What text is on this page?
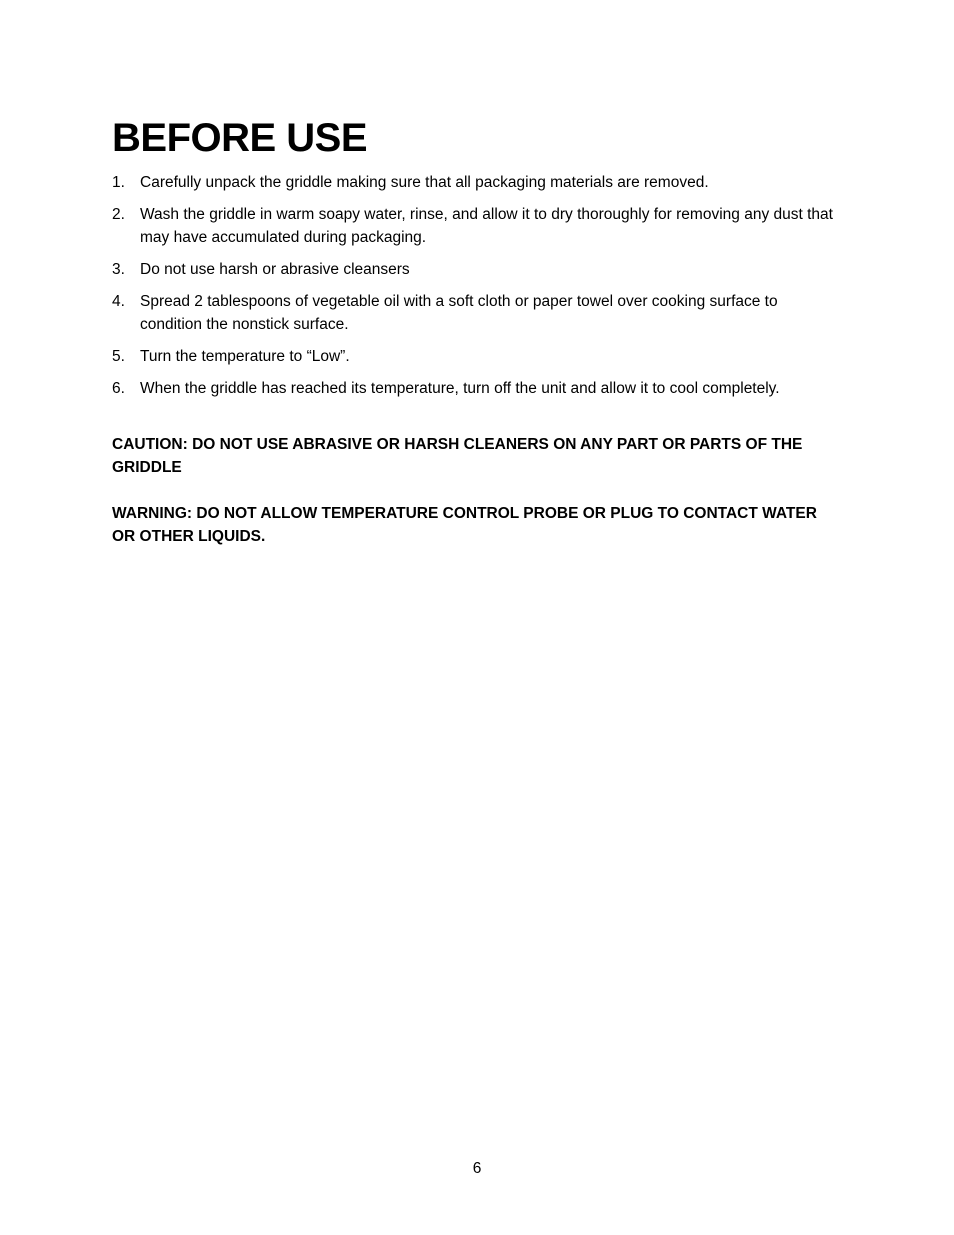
BEFORE USE
1. Carefully unpack the griddle making sure that all packaging materials are removed.
2. Wash the griddle in warm soapy water, rinse, and allow it to dry thoroughly for removing any dust that may have accumulated during packaging.
3. Do not use harsh or abrasive cleansers
4. Spread 2 tablespoons of vegetable oil with a soft cloth or paper towel over cooking surface to condition the nonstick surface.
5. Turn the temperature to “Low”.
6. When the griddle has reached its temperature, turn off the unit and allow it to cool completely.

CAUTION: DO NOT USE ABRASIVE OR HARSH CLEANERS ON ANY PART OR PARTS OF THE GRIDDLE

WARNING: DO NOT ALLOW TEMPERATURE CONTROL PROBE OR PLUG TO CONTACT WATER OR OTHER LIQUIDS.

6
